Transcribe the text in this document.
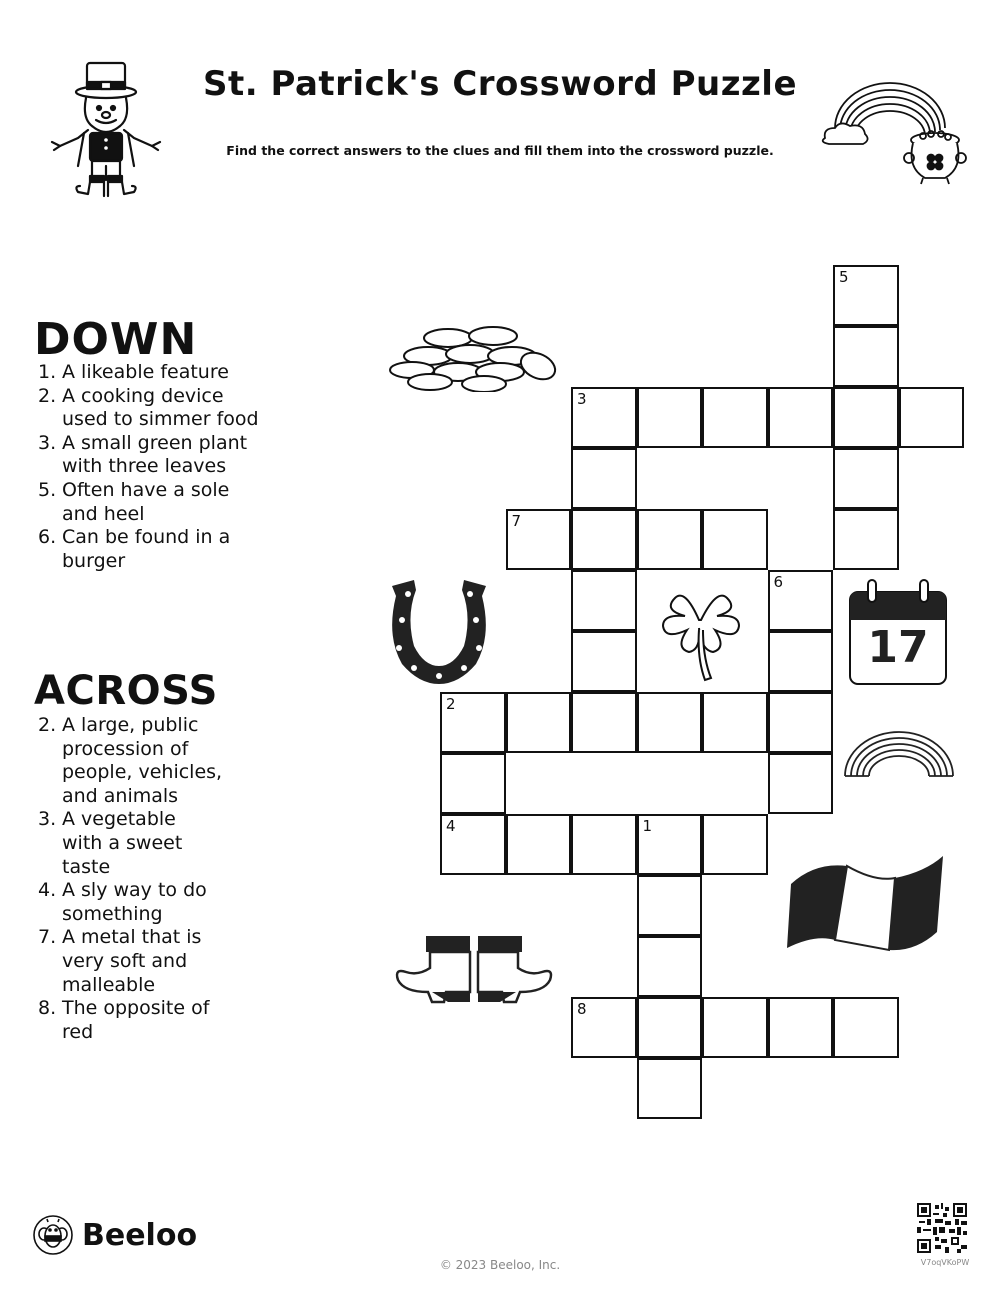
St. Patrick's Crossword Puzzle
Find the correct answers to the clues and fill them into the crossword puzzle.
DOWN
1. A likeable feature
2. A cooking device used to simmer food
3. A small green plant with three leaves
5. Often have a sole and heel
6. Can be found in a burger
ACROSS
2. A large, public procession of people, vehicles, and animals
3. A vegetable with a sweet taste
4. A sly way to do something
7. A metal that is very soft and malleable
8. The opposite of red
5
3
7
6
2
4	1
8
17
Beeloo
© 2023 Beeloo, Inc.	V7oqVKoPW
